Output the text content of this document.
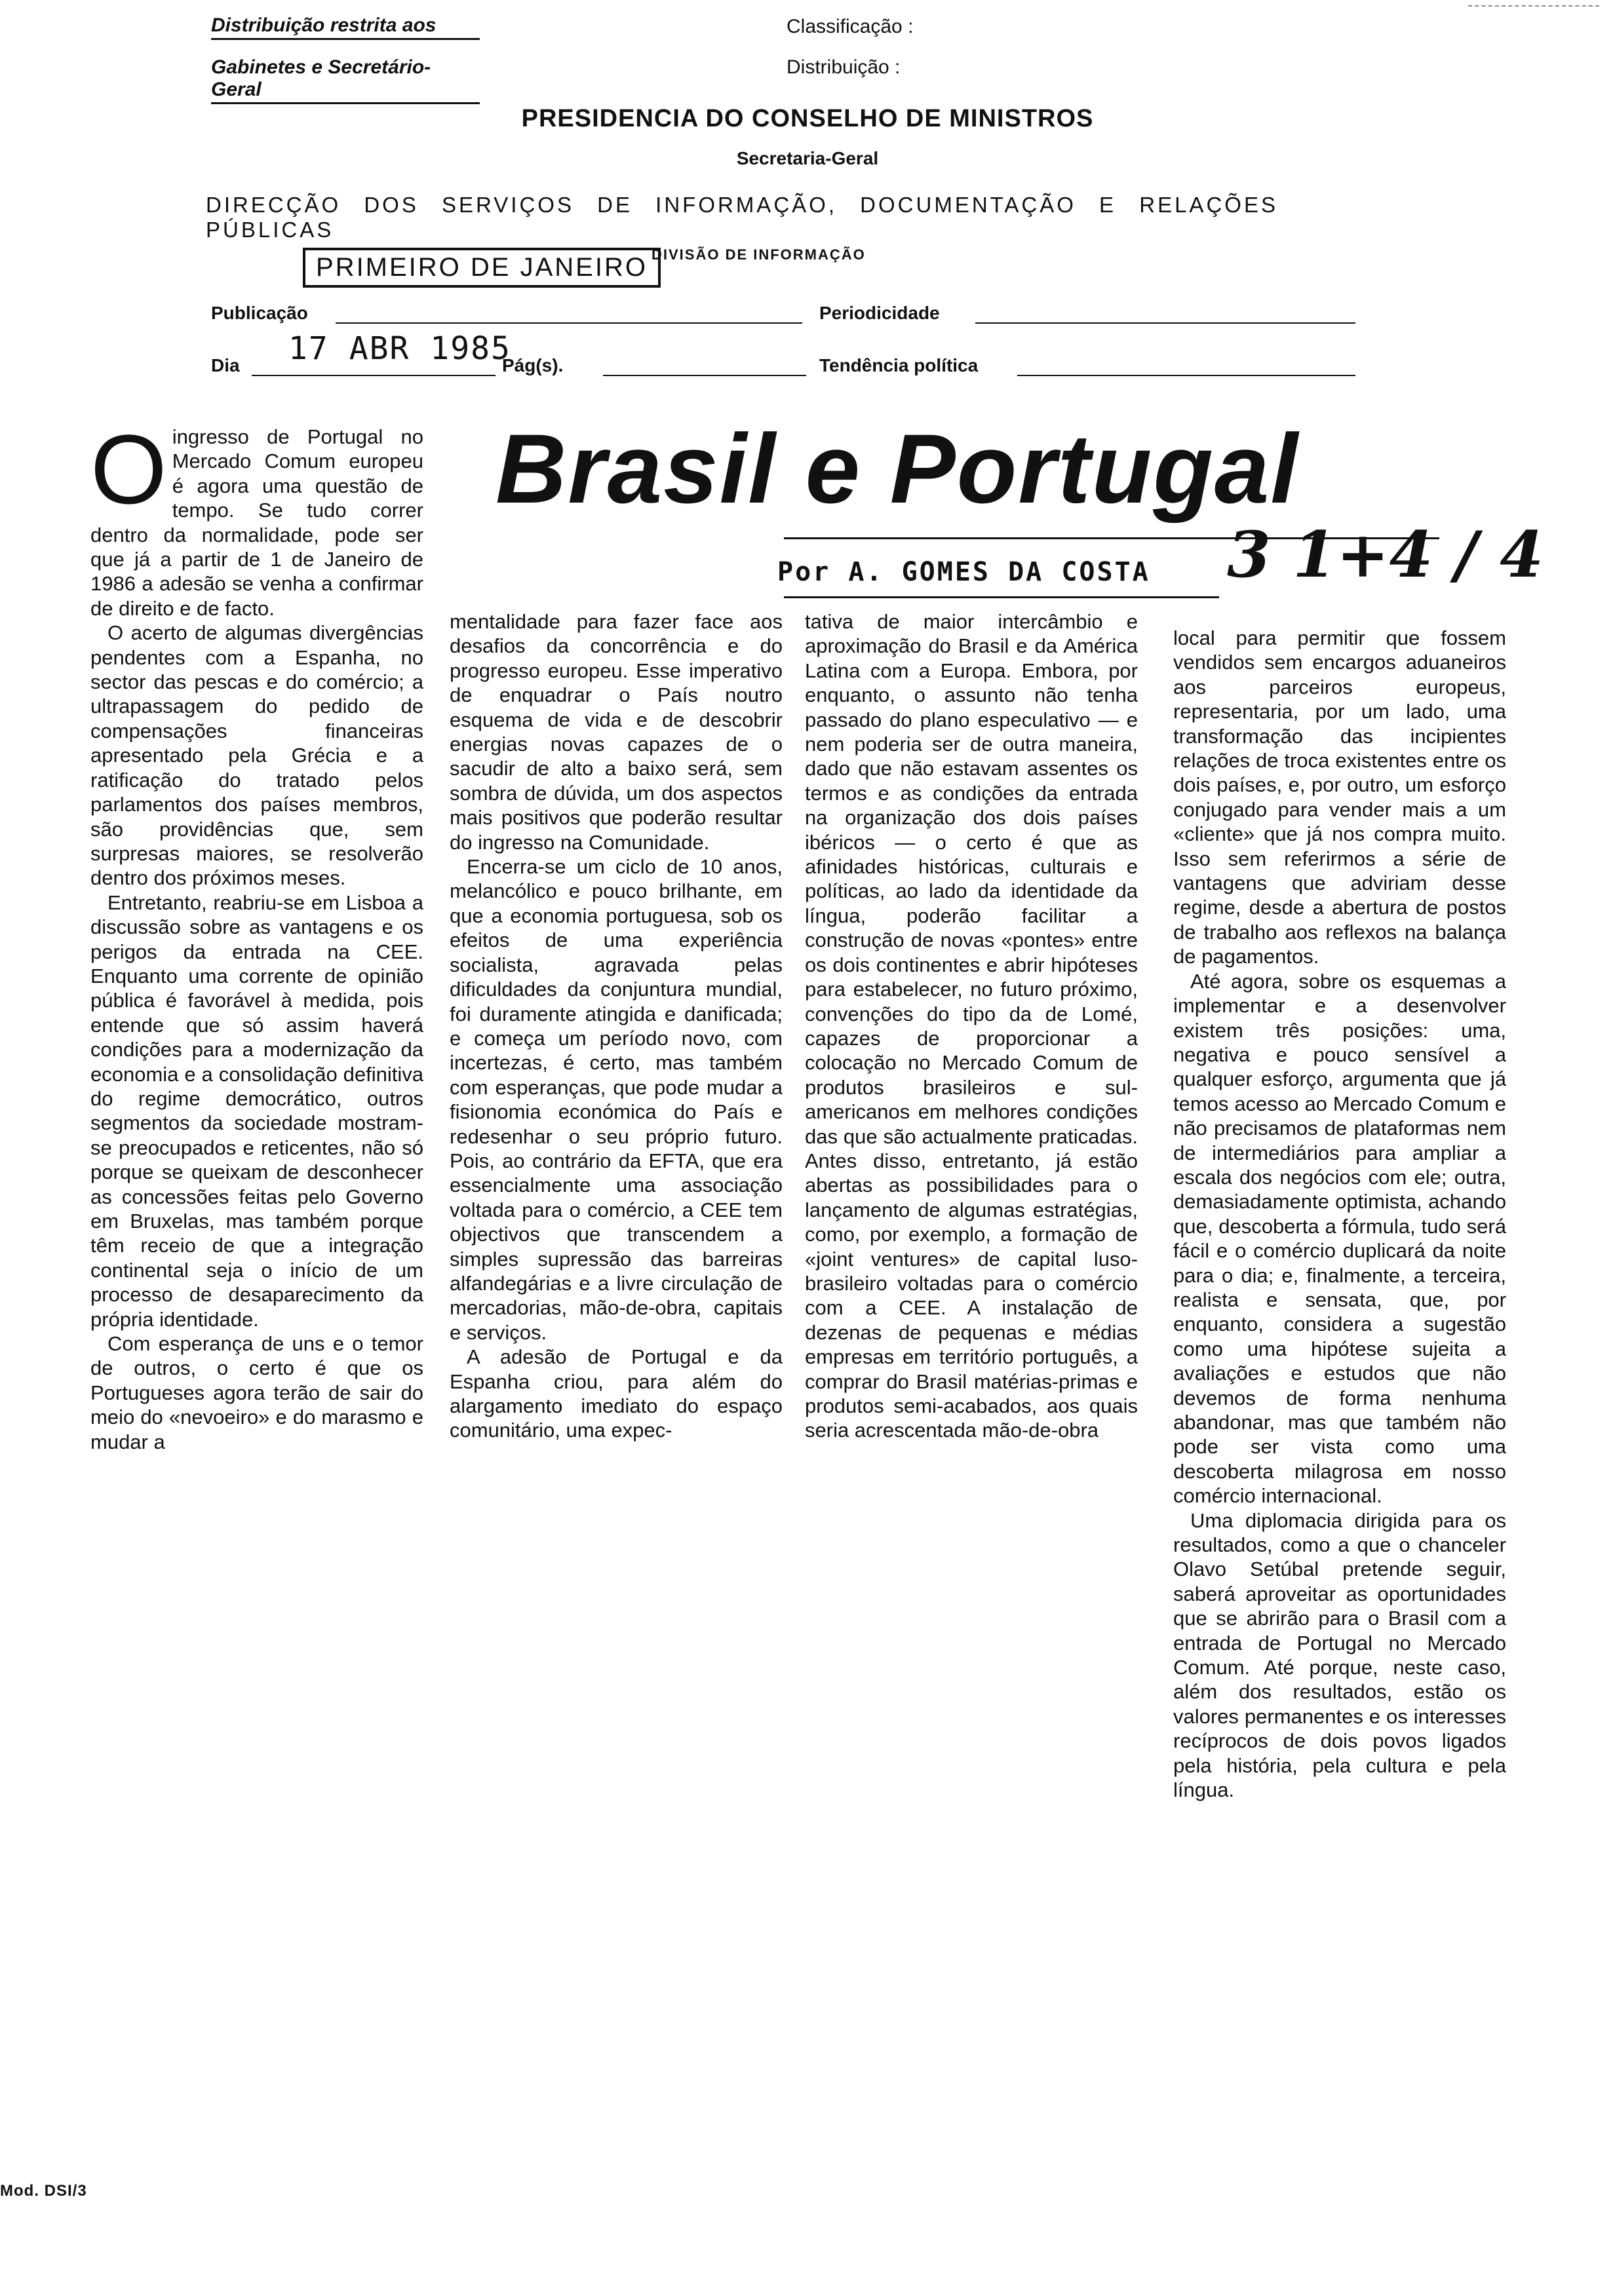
Distribuição restrita aos
Gabinetes e Secretário-Geral
Classificação :
Distribuição :
PRESIDENCIA DO CONSELHO DE MINISTROS
Secretaria-Geral
DIRECÇÃO DOS SERVIÇOS DE INFORMAÇÃO, DOCUMENTAÇÃO E RELAÇÕES PÚBLICAS
PRIMEIRO DE JANEIRO DIVISÃO DE INFORMAÇÃO
Publicação	Periodicidade
Dia 17 ABR 1985
Pág(s).	Tendência política
Brasil e Portugal
Por A. GOMES DA COSTA 3 1+4 / 4

Oingresso de Portugal no Mercado Comum europeu é agora uma questão de tempo. Se tudo correr dentro da normalidade, pode ser que já a partir de 1 de Janeiro de 1986 a adesão se venha a confirmar de direito e de facto.

O acerto de algumas divergências pendentes com a Espanha, no sector das pescas e do comércio; a ultrapassagem do pedido de compensações financeiras apresentado pela Grécia e a ratificação do tratado pelos parlamentos dos países membros, são providências que, sem surpresas maiores, se resolverão dentro dos próximos meses.

Entretanto, reabriu-se em Lisboa a discussão sobre as vantagens e os perigos da entrada na CEE. Enquanto uma corrente de opinião pública é favorável à medida, pois entende que só assim haverá condições para a modernização da economia e a consolidação definitiva do regime democrático, outros segmentos da sociedade mostram-se preocupados e reticentes, não só porque se queixam de desconhecer as concessões feitas pelo Governo em Bruxelas, mas também porque têm receio de que a integração continental seja o início de um processo de desaparecimento da própria identidade.

Com esperança de uns e o temor de outros, o certo é que os Portugueses agora terão de sair do meio do «nevoeiro» e do marasmo e mudar a

mentalidade para fazer face aos desafios da concorrência e do progresso europeu. Esse imperativo de enquadrar o País noutro esquema de vida e de descobrir energias novas capazes de o sacudir de alto a baixo será, sem sombra de dúvida, um dos aspectos mais positivos que poderão resultar do ingresso na Comunidade.

Encerra-se um ciclo de 10 anos, melancólico e pouco brilhante, em que a economia portuguesa, sob os efeitos de uma experiência socialista, agravada pelas dificuldades da conjuntura mundial, foi duramente atingida e danificada; e começa um período novo, com incertezas, é certo, mas também com esperanças, que pode mudar a fisionomia económica do País e redesenhar o seu próprio futuro. Pois, ao contrário da EFTA, que era essencialmente uma associação voltada para o comércio, a CEE tem objectivos que transcendem a simples supressão das barreiras alfandegárias e a livre circulação de mercadorias, mão-de-obra, capitais e serviços.

A adesão de Portugal e da Espanha criou, para além do alargamento imediato do espaço comunitário, uma expec-

tativa de maior intercâmbio e aproximação do Brasil e da América Latina com a Europa. Embora, por enquanto, o assunto não tenha passado do plano especulativo — e nem poderia ser de outra maneira, dado que não estavam assentes os termos e as condições da entrada na organização dos dois países ibéricos — o certo é que as afinidades históricas, culturais e políticas, ao lado da identidade da língua, poderão facilitar a construção de novas «pontes» entre os dois continentes e abrir hipóteses para estabelecer, no futuro próximo, convenções do tipo da de Lomé, capazes de proporcionar a colocação no Mercado Comum de produtos brasileiros e sul-americanos em melhores condições das que são actualmente praticadas. Antes disso, entretanto, já estão abertas as possibilidades para o lançamento de algumas estratégias, como, por exemplo, a formação de «joint ventures» de capital luso-brasileiro voltadas para o comércio com a CEE. A instalação de dezenas de pequenas e médias empresas em território português, a comprar do Brasil matérias-primas e produtos semi-acabados, aos quais seria acrescentada mão-de-obra

local para permitir que fossem vendidos sem encargos aduaneiros aos parceiros europeus, representaria, por um lado, uma transformação das incipientes relações de troca existentes entre os dois países, e, por outro, um esforço conjugado para vender mais a um «cliente» que já nos compra muito. Isso sem referirmos a série de vantagens que adviriam desse regime, desde a abertura de postos de trabalho aos reflexos na balança de pagamentos.

Até agora, sobre os esquemas a implementar e a desenvolver existem três posições: uma, negativa e pouco sensível a qualquer esforço, argumenta que já temos acesso ao Mercado Comum e não precisamos de plataformas nem de intermediários para ampliar a escala dos negócios com ele; outra, demasiadamente optimista, achando que, descoberta a fórmula, tudo será fácil e o comércio duplicará da noite para o dia; e, finalmente, a terceira, realista e sensata, que, por enquanto, considera a sugestão como uma hipótese sujeita a avaliações e estudos que não devemos de forma nenhuma abandonar, mas que também não pode ser vista como uma descoberta milagrosa em nosso comércio internacional.

Uma diplomacia dirigida para os resultados, como a que o chanceler Olavo Setúbal pretende seguir, saberá aproveitar as oportunidades que se abrirão para o Brasil com a entrada de Portugal no Mercado Comum. Até porque, neste caso, além dos resultados, estão os valores permanentes e os interesses recíprocos de dois povos ligados pela história, pela cultura e pela língua.

Mod. DSI/3
